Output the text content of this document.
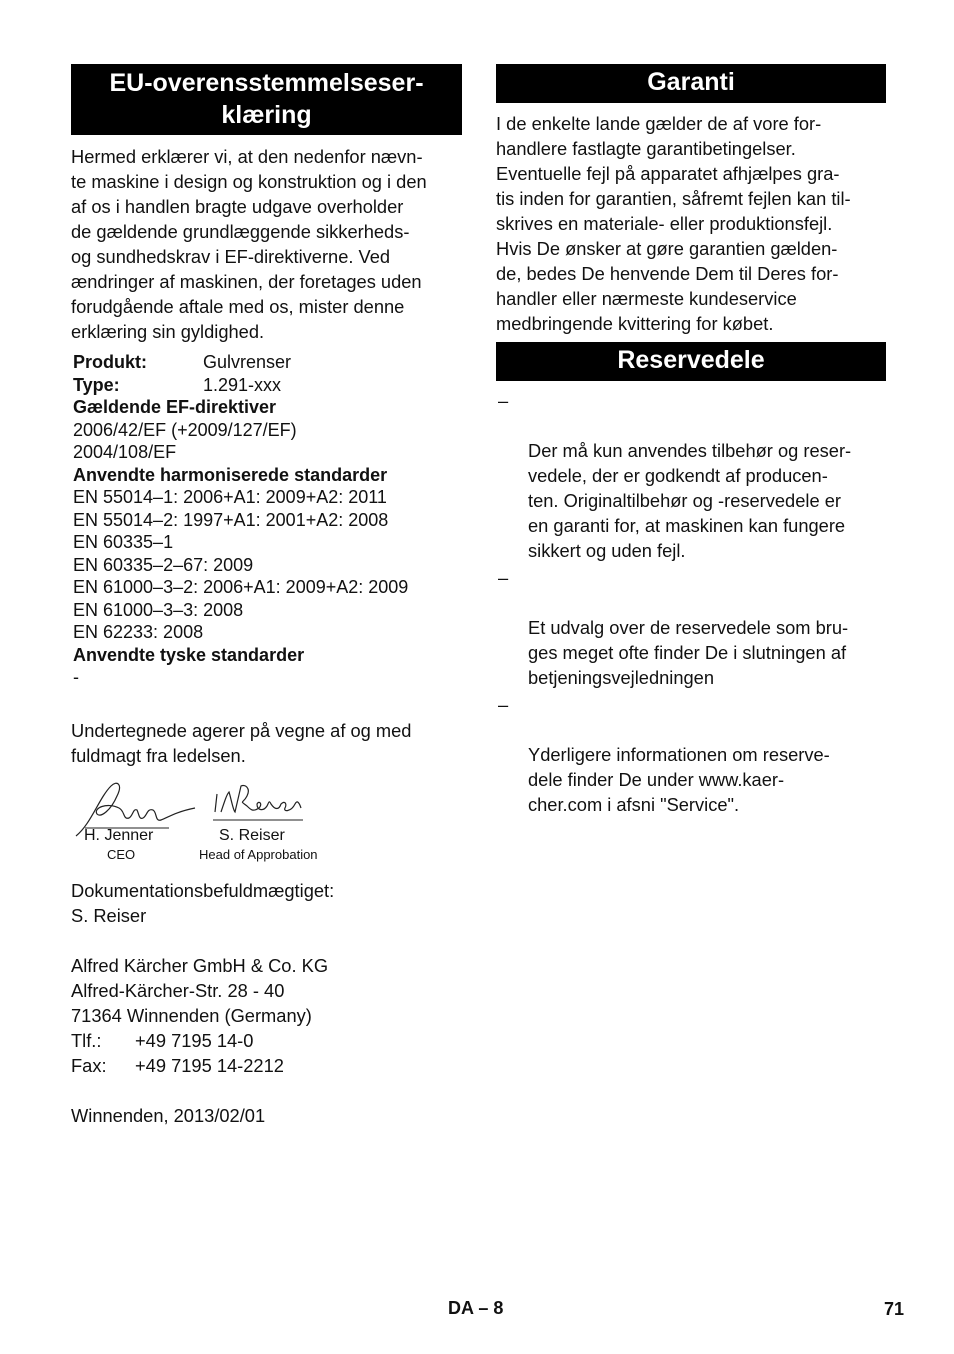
EU-overensstemmelseser-
klæring

Hermed erklærer vi, at den nedenfor nævn-
te maskine i design og konstruktion og i den
af os i handlen bragte udgave overholder
de gældende grundlæggende sikkerheds-
og sundhedskrav i EF-direktiverne. Ved
ændringer af maskinen, der foretages uden
forudgående aftale med os, mister denne
erklæring sin gyldighed.

Produkt:	Gulvrenser
Type:	1.291-xxx
Gældende EF-direktiver
2006/42/EF (+2009/127/EF)
2004/108/EF
Anvendte harmoniserede standarder
EN 55014–1: 2006+A1: 2009+A2: 2011
EN 55014–2: 1997+A1: 2001+A2: 2008
EN 60335–1
EN 60335–2–67: 2009
EN 61000–3–2: 2006+A1: 2009+A2: 2009
EN 61000–3–3: 2008
EN 62233: 2008
Anvendte tyske standarder
-

Undertegnede agerer på vegne af og med
fuldmagt fra ledelsen.

H. Jenner
CEO
S. Reiser
Head of Approbation
Dokumentationsbefuldmægtiget:
S. Reiser
Alfred Kärcher GmbH & Co. KG
Alfred-Kärcher-Str. 28 - 40
71364 Winnenden (Germany)
Tlf.:	+49 7195 14-0
Fax:	+49 7195 14-2212
Winnenden, 2013/02/01
Garanti

I de enkelte lande gælder de af vore for-
handlere fastlagte garantibetingelser.
Eventuelle fejl på apparatet afhjælpes gra-
tis inden for garantien, såfremt fejlen kan til-
skrives en materiale- eller produktionsfejl.
Hvis De ønsker at gøre garantien gælden-
de, bedes De henvende Dem til Deres for-
handler eller nærmeste kundeservice
medbringende kvittering for købet.

Reservedele

–

Der må kun anvendes tilbehør og reser-
vedele, der er godkendt af producen-
ten. Originaltilbehør og -reservedele er
en garanti for, at maskinen kan fungere
sikkert og uden fejl.

–

Et udvalg over de reservedele som bru-
ges meget ofte finder De i slutningen af
betjeningsvejledningen

–

Yderligere informationen om reserve-
dele finder De under www.kaer-
cher.com i afsni "Service".

DA – 8	71
